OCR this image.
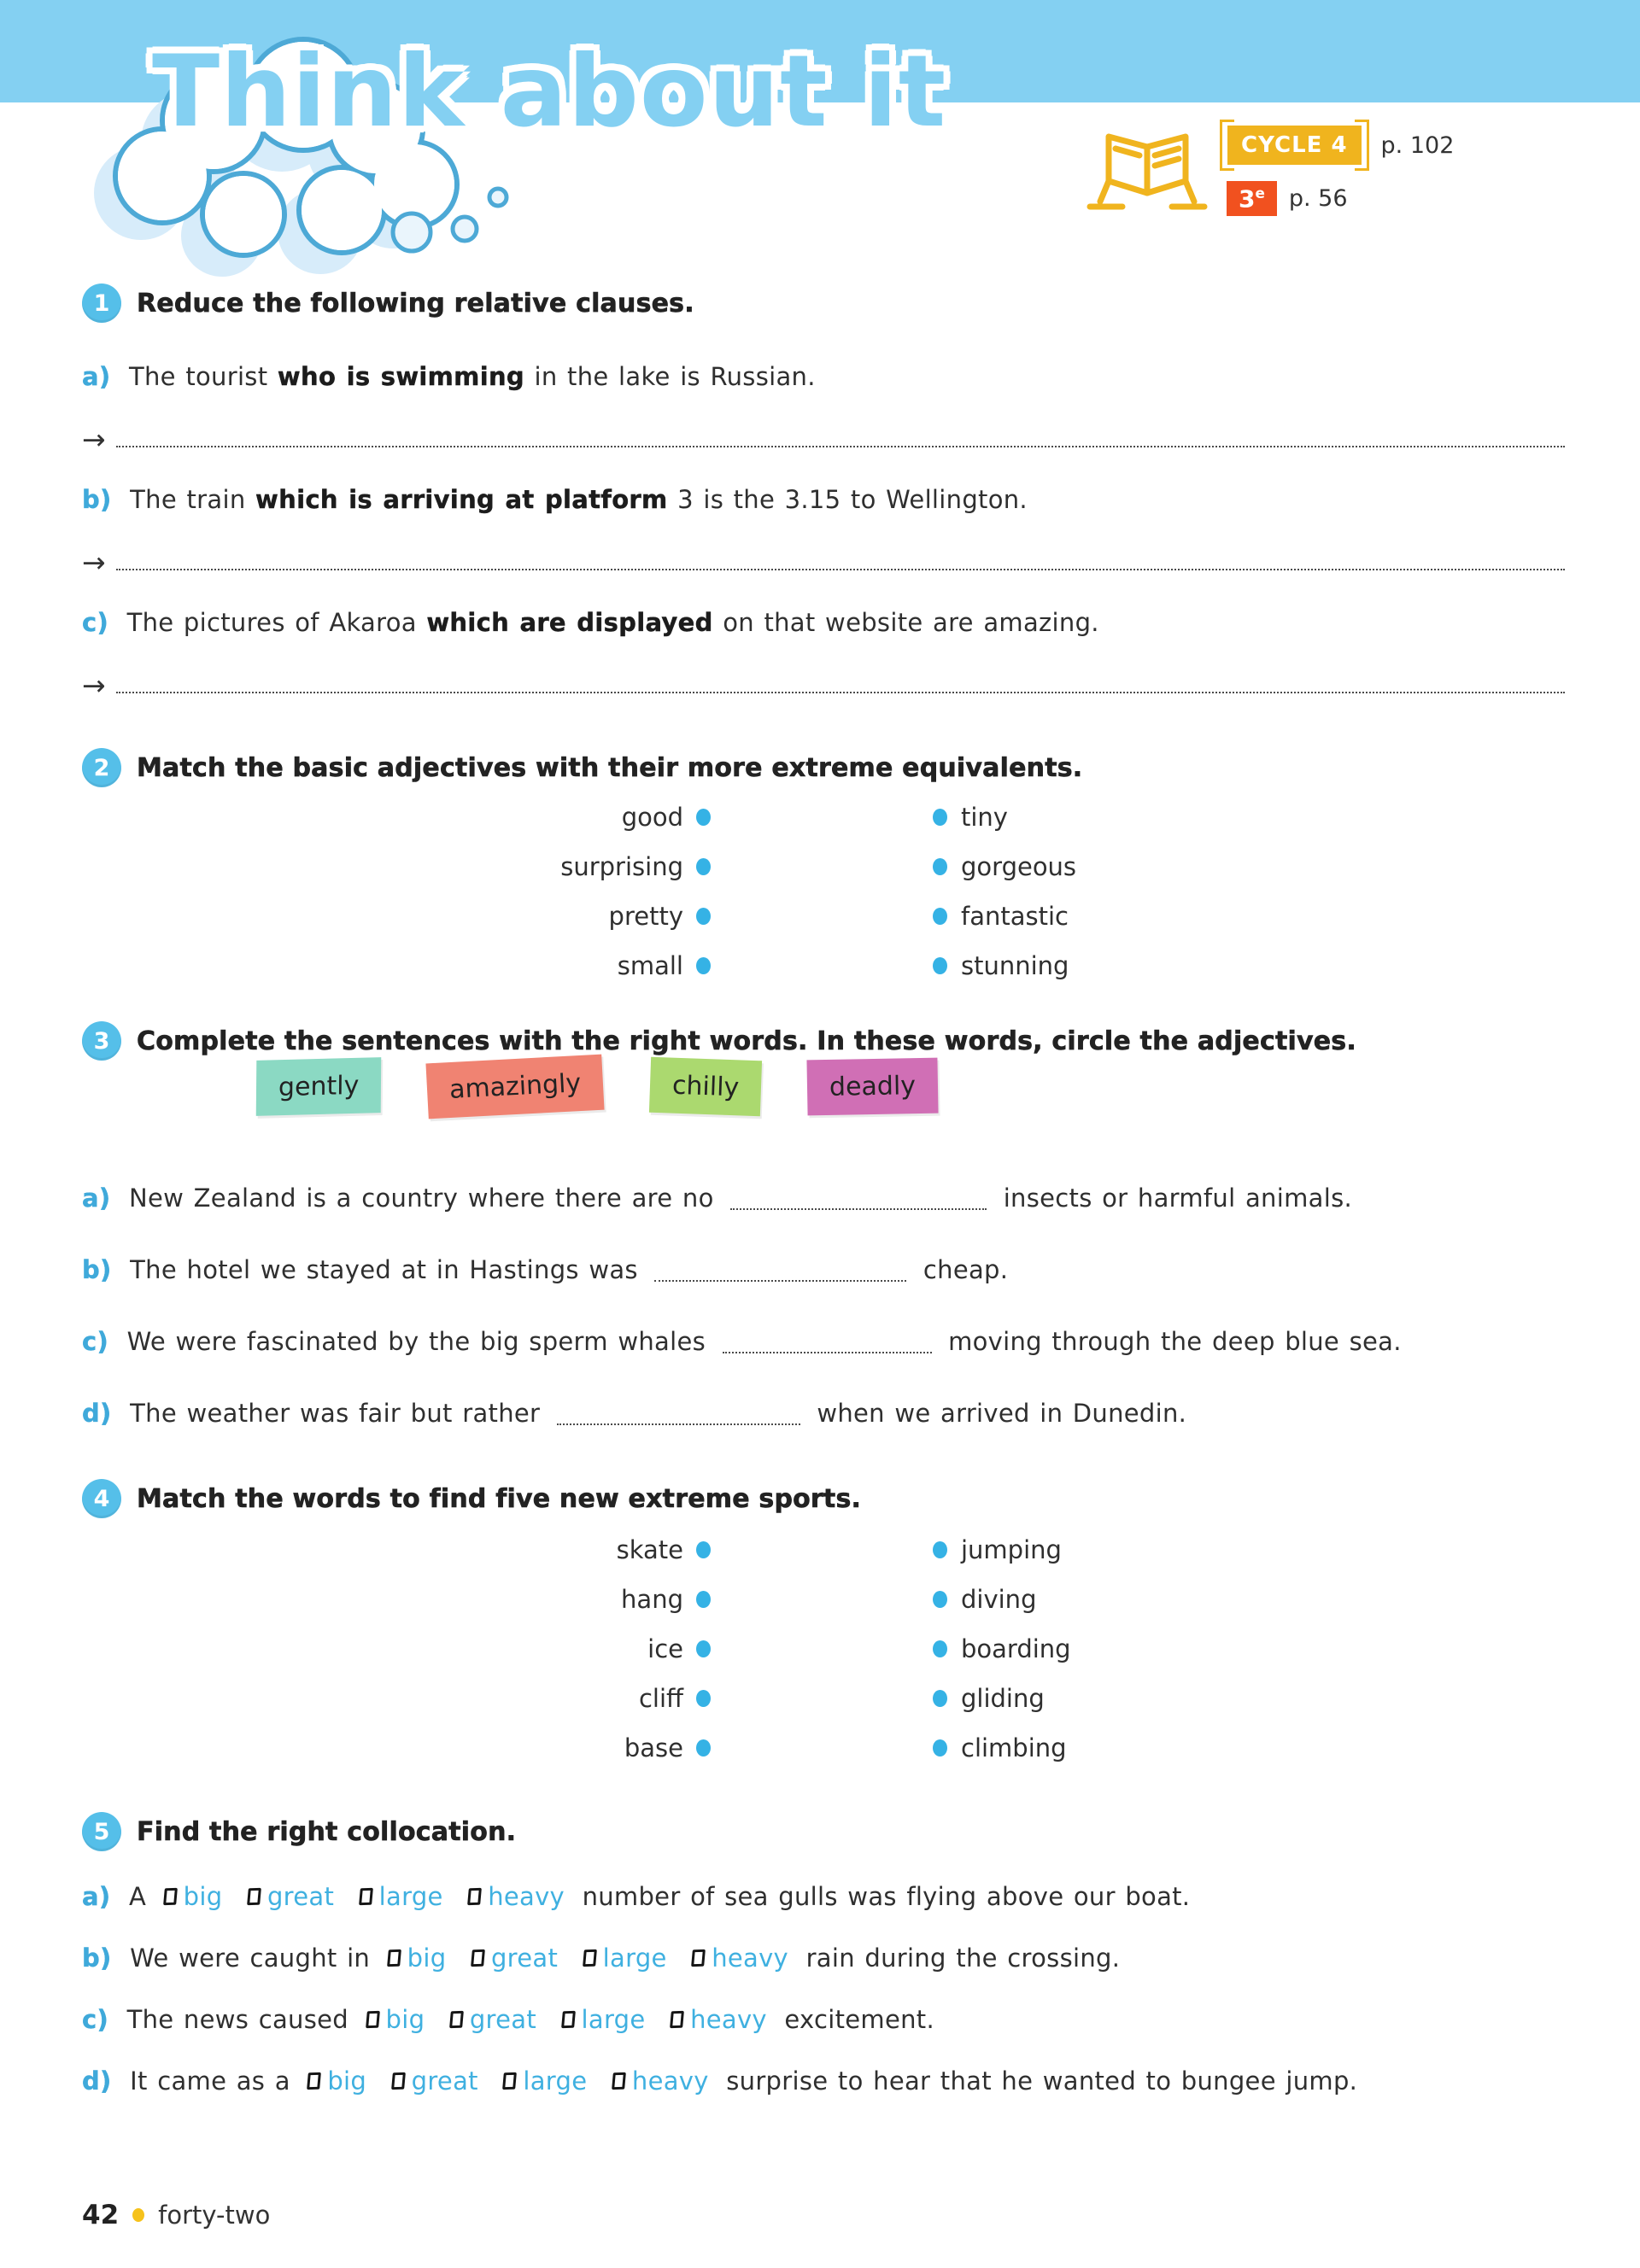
Think about it	CYCLE 4	p. 102
3e	p. 56
1	Reduce the following relative clauses.
a) The tourist who is swimming in the lake is Russian.
→
b) The train which is arriving at platform 3 is the 3.15 to Wellington.
→
c) The pictures of Akaroa which are displayed on that website are amazing.
→
2	Match the basic adjectives with their more extreme equivalents.
good	tiny
surprising	gorgeous
pretty	fantastic
small	stunning
3	Complete the sentences with the right words. In these words, circle the adjectives.
gently	amazingly	chilly	deadly
a) New Zealand is a country where there are no	insects or harmful animals.
b) The hotel we stayed at in Hastings was	cheap.
c) We were fascinated by the big sperm whales	moving through the deep blue sea.
d) The weather was fair but rather	when we arrived in Dunedin.
4	Match the words to find five new extreme sports.
skate	jumping
hang	diving
ice	boarding
cliff	gliding
base	climbing
5	Find the right collocation.
a) A big
great
large
heavy number of sea gulls was flying above our boat.
b) We were caught in big
great
large
heavy rain during the crossing.
c) The news caused big
great
large
heavy excitement.
d) It came as a big
great
large
heavy surprise to hear that he wanted to bungee jump.
42 forty-two
